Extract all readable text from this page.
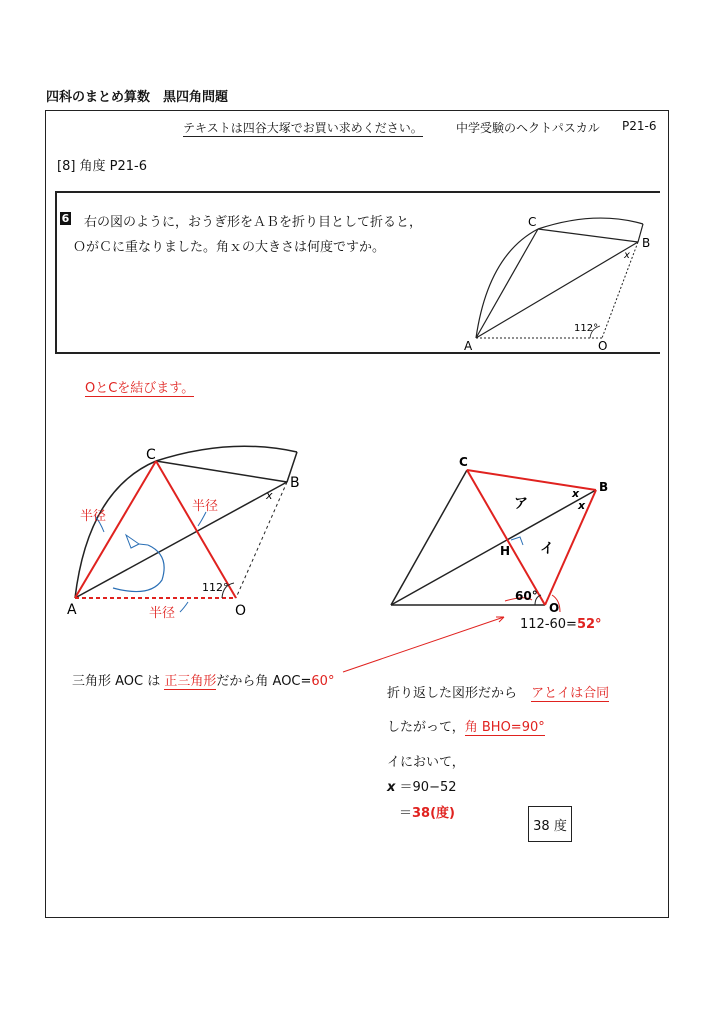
四科のまとめ算数　黒四角問題
テキストは四谷大塚でお買い求めください。	中学受験のヘクトパスカル P21-6
[8] 角度 P21-6
6 右の図のように，おうぎ形をＡＢを折り目として折ると，
ＯがＣに重なりました。角ｘの大きさは何度ですか。
C
B
A	O
x
112°
C
B
A	O
x
112°
半径
半径
半径
C
B
H
O
ア
イ
60°
x
x
OとCを結びます。
112-60=52°
三角形 AOC は 正三角形だから角 AOC=60°
折り返した図形だから アとイは合同
したがって，角 BHO=90°
イにおいて，
x ＝90−52
＝38(度)
38 度
